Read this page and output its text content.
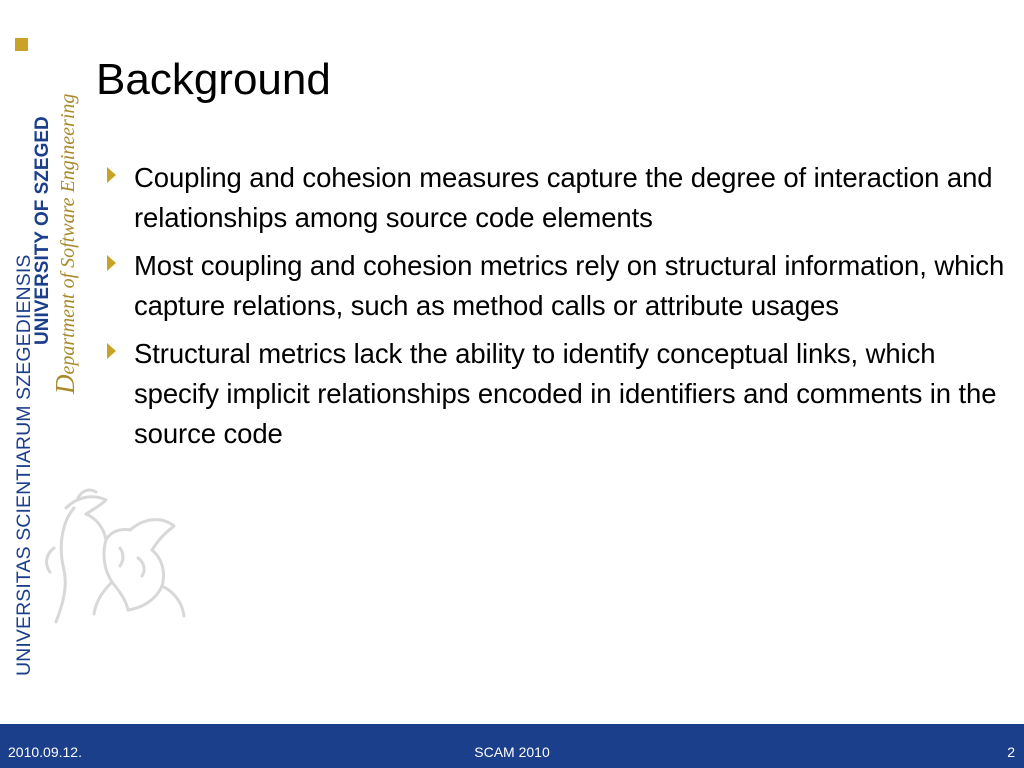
UNIVERSITAS SCIENTIARUM SZEGEDIENSIS
UNIVERSITY OF SZEGED
Department of Software Engineering
Background
Coupling and cohesion measures capture the degree of interaction and relationships among source code elements
Most coupling and cohesion metrics rely on structural information, which capture relations, such as method calls or attribute usages
Structural metrics lack the ability to identify conceptual links, which specify implicit relationships encoded in identifiers and comments in the source code
2010.09.12.	SCAM 2010	2
